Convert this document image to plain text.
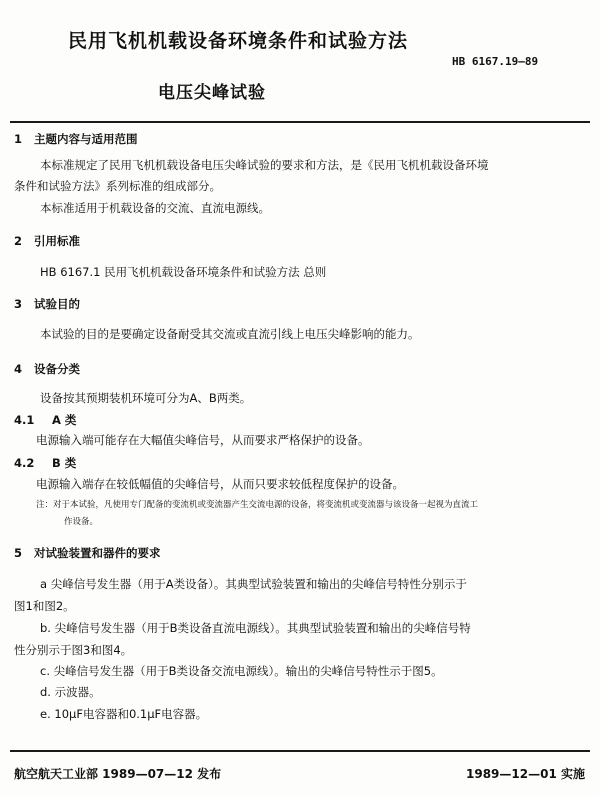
民用飞机机载设备环境条件和试验方法
HB 6167.19—89
电压尖峰试验
1 主题内容与适用范围
本标准规定了民用飞机机载设备电压尖峰试验的要求和方法，是《民用飞机机载设备环境
条件和试验方法》系列标准的组成部分。
本标准适用于机载设备的交流、直流电源线。
2 引用标准
HB 6167.1 民用飞机机载设备环境条件和试验方法 总则
3 试验目的
本试验的目的是要确定设备耐受其交流或直流引线上电压尖峰影响的能力。
4 设备分类
设备按其预期装机环境可分为A、B两类。
4.1 A 类
电源输入端可能存在大幅值尖峰信号，从而要求严格保护的设备。
4.2 B 类
电源输入端存在较低幅值的尖峰信号，从而只要求较低程度保护的设备。
注：对于本试验，凡使用专门配备的变流机或变流器产生交流电源的设备，将变流机或变流器与该设备一起视为直流工
作设备。
5 对试验装置和器件的要求
a 尖峰信号发生器（用于A类设备）。其典型试验装置和输出的尖峰信号特性分别示于
图1和图2。
b. 尖峰信号发生器（用于B类设备直流电源线）。其典型试验装置和输出的尖峰信号特
性分别示于图3和图4。
c. 尖峰信号发生器（用于B类设备交流电源线）。输出的尖峰信号特性示于图5。
d. 示波器。
e. 10μF电容器和0.1μF电容器。
航空航天工业部 1989—07—12 发布	1989—12—01 实施
